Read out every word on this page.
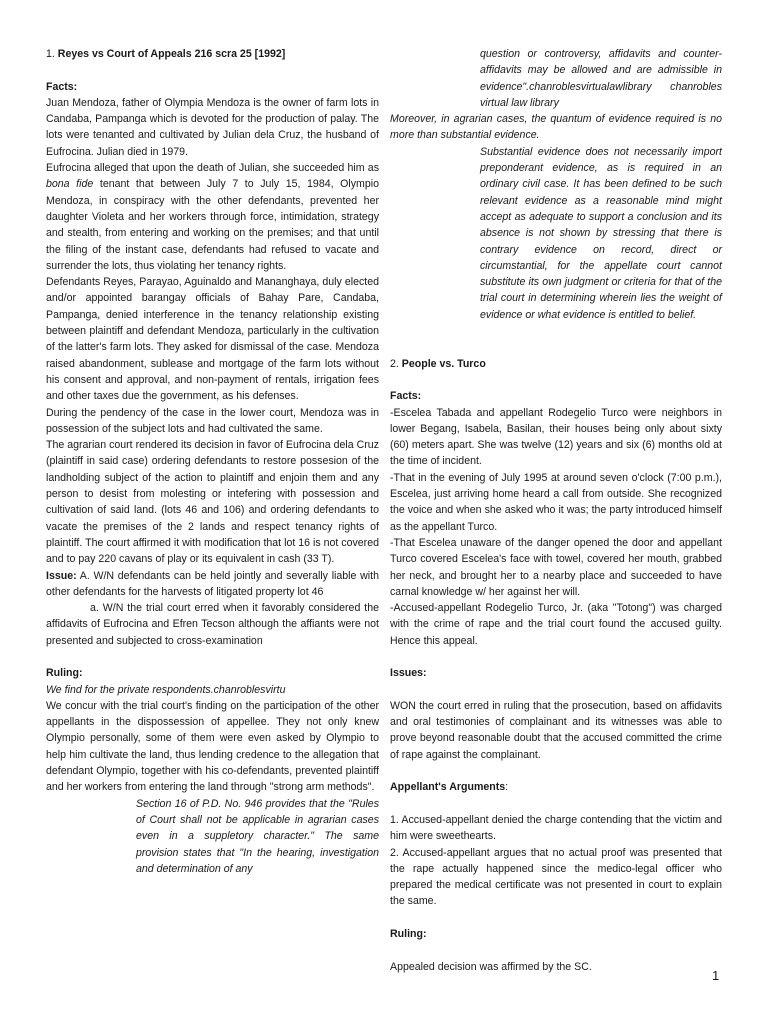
1. Reyes vs Court of Appeals 216 scra 25 [1992]

Facts:

Juan Mendoza, father of Olympia Mendoza is the owner of farm lots in Candaba, Pampanga which is devoted for the production of palay. The lots were tenanted and cultivated by Julian dela Cruz, the husband of Eufrocina. Julian died in 1979.

Eufrocina alleged that upon the death of Julian, she succeeded him as bona fide tenant that between July 7 to July 15, 1984, Olympio Mendoza, in conspiracy with the other defendants, prevented her daughter Violeta and her workers through force, intimidation, strategy and stealth, from entering and working on the premises; and that until the filing of the instant case, defendants had refused to vacate and surrender the lots, thus violating her tenancy rights.

Defendants Reyes, Parayao, Aguinaldo and Mananghaya, duly elected and/or appointed barangay officials of Bahay Pare, Candaba, Pampanga, denied interference in the tenancy relationship existing between plaintiff and defendant Mendoza, particularly in the cultivation of the latter's farm lots. They asked for dismissal of the case. Mendoza raised abandonment, sublease and mortgage of the farm lots without his consent and approval, and non-payment of rentals, irrigation fees and other taxes due the government, as his defenses.

During the pendency of the case in the lower court, Mendoza was in possession of the subject lots and had cultivated the same.

The agrarian court rendered its decision in favor of Eufrocina dela Cruz (plaintiff in said case) ordering defendants to restore possesion of the landholding subject of the action to plaintiff and enjoin them and any person to desist from molesting or intefering with possession and cultivation of said land. (lots 46 and 106) and ordering defendants to vacate the premises of the 2 lands and respect tenancy rights of plaintiff. The court affirmed it with modification that lot 16 is not covered and to pay 220 cavans of play or its equivalent in cash (33 T).

Issue: A. W/N defendants can be held jointly and severally liable with other defendants for the harvests of litigated property lot 46

a. W/N the trial court erred when it favorably considered the affidavits of Eufrocina and Efren Tecson although the affiants were not presented and subjected to cross-examination

Ruling:

We find for the private respondents.chanroblesvirtu

We concur with the trial court's finding on the participation of the other appellants in the dispossession of appellee. They not only knew Olympio personally, some of them were even asked by Olympio to help him cultivate the land, thus lending credence to the allegation that defendant Olympio, together with his co-defendants, prevented plaintiff and her workers from entering the land through "strong arm methods".

Section 16 of P.D. No. 946 provides that the "Rules of Court shall not be applicable in agrarian cases even in a suppletory character." The same provision states that "In the hearing, investigation and determination of any

question or controversy, affidavits and counter-affidavits may be allowed and are admissible in evidence".chanroblesvirtualawlibrary chanrobles virtual law library

Moreover, in agrarian cases, the quantum of evidence required is no more than substantial evidence.

Substantial evidence does not necessarily import preponderant evidence, as is required in an ordinary civil case. It has been defined to be such relevant evidence as a reasonable mind might accept as adequate to support a conclusion and its absence is not shown by stressing that there is contrary evidence on record, direct or circumstantial, for the appellate court cannot substitute its own judgment or criteria for that of the trial court in determining wherein lies the weight of evidence or what evidence is entitled to belief.

2. People vs. Turco

Facts:

-Escelea Tabada and appellant Rodegelio Turco were neighbors in lower Begang, Isabela, Basilan, their houses being only about sixty (60) meters apart. She was twelve (12) years and six (6) months old at the time of incident.

-That in the evening of July 1995 at around seven o'clock (7:00 p.m.), Escelea, just arriving home heard a call from outside. She recognized the voice and when she asked who it was; the party introduced himself as the appellant Turco.

-That Escelea unaware of the danger opened the door and appellant Turco covered Escelea's face with towel, covered her mouth, grabbed her neck, and brought her to a nearby place and succeeded to have carnal knowledge w/ her against her will.

-Accused-appellant Rodegelio Turco, Jr. (aka "Totong") was charged with the crime of rape and the trial court found the accused guilty. Hence this appeal.

Issues:

WON the court erred in ruling that the prosecution, based on affidavits and oral testimonies of complainant and its witnesses was able to prove beyond reasonable doubt that the accused committed the crime of rape against the complainant.

Appellant's Arguments:

1. Accused-appellant denied the charge contending that the victim and him were sweethearts.

2. Accused-appellant argues that no actual proof was presented that the rape actually happened since the medico-legal officer who prepared the medical certificate was not presented in court to explain the same.

Ruling:

Appealed decision was affirmed by the SC.

1
